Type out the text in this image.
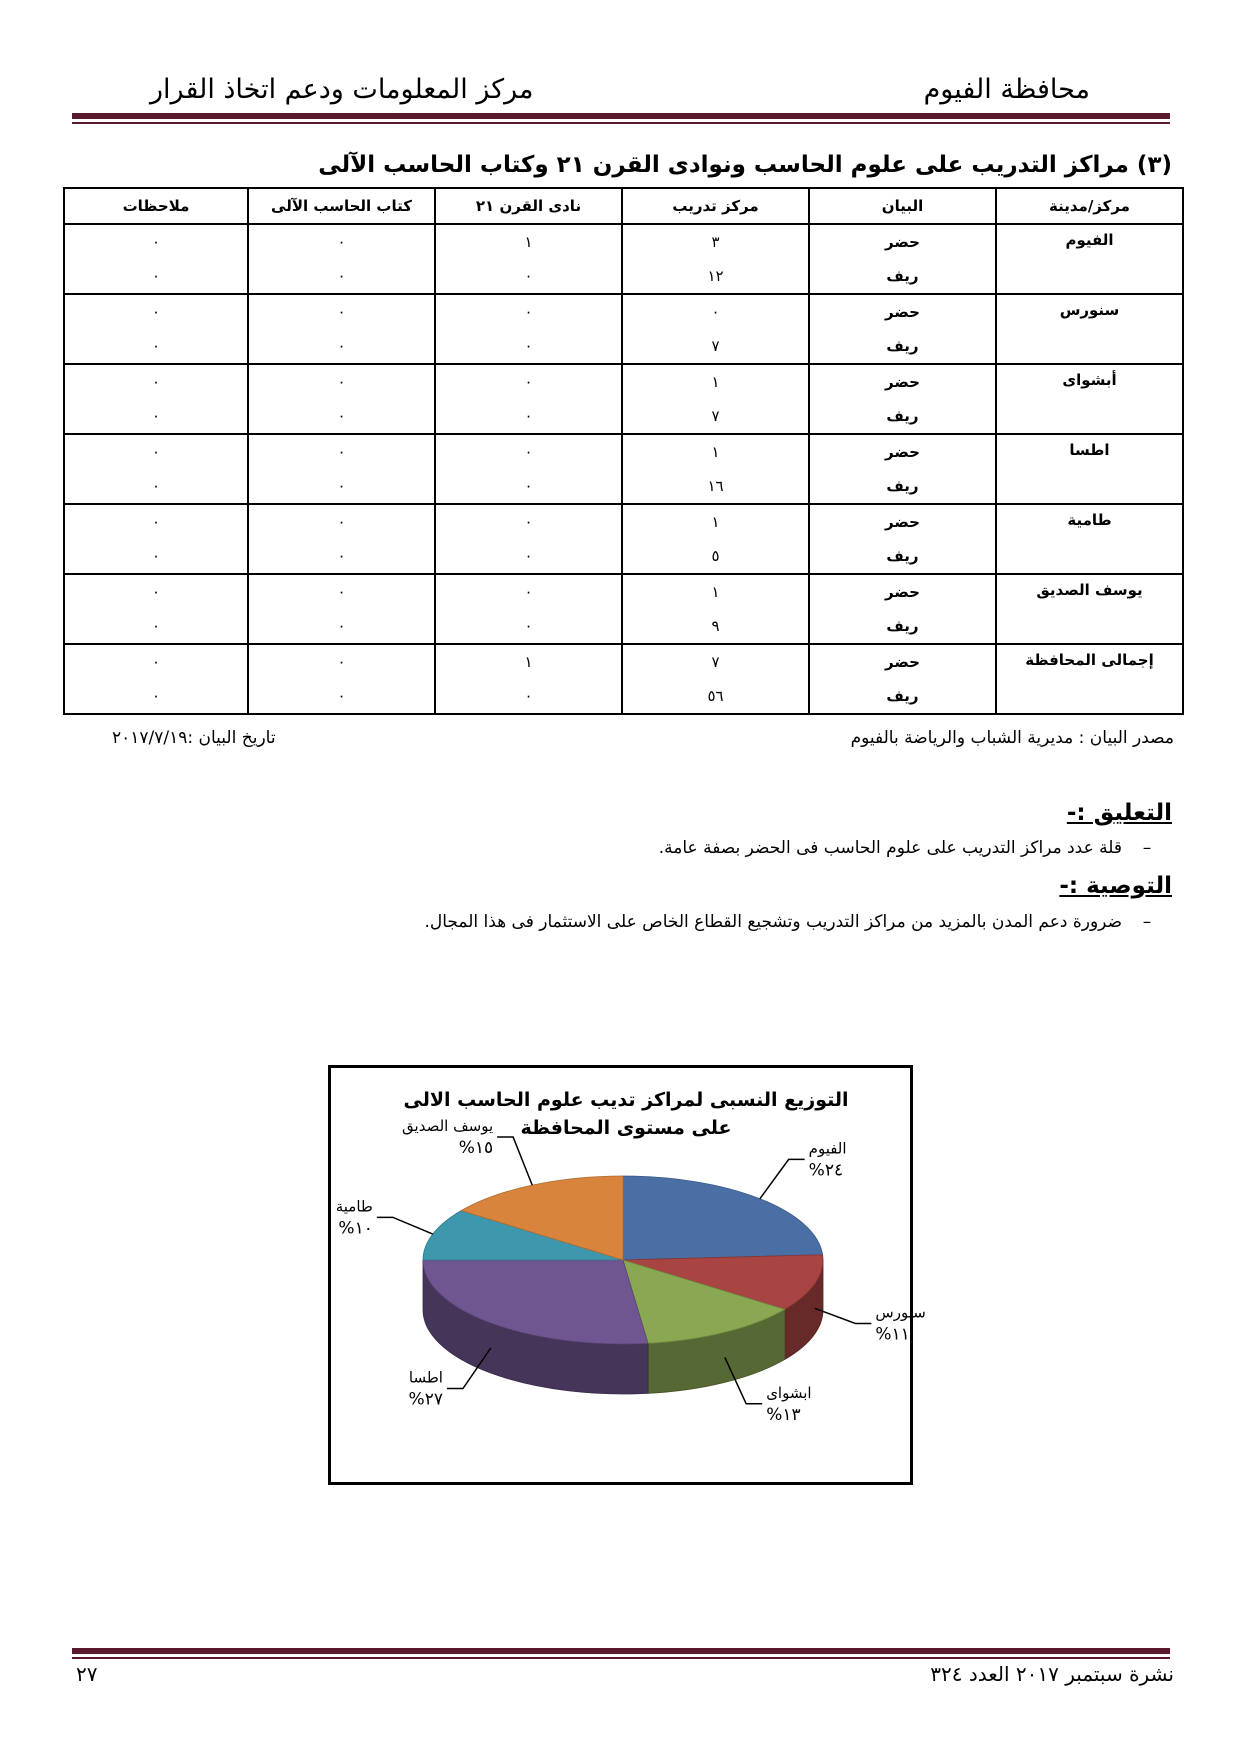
مركز المعلومات ودعم اتخاذ القرار	محافظة الفيوم
(٣) مراكز التدريب على علوم الحاسب ونوادى القرن ٢١ وكتاب الحاسب الآلى
مركز/مدينة	البيان	مركز تدريب	نادى القرن ٢١	كتاب الحاسب الآلى	ملاحظات
الفيوم	حضر	٣	١	٠	٠
	ريف	١٢	٠	٠	٠
سنورس	حضر	٠	٠	٠	٠
	ريف	٧	٠	٠	٠
أبشواى	حضر	١	٠	٠	٠
	ريف	٧	٠	٠	٠
اطسا	حضر	١	٠	٠	٠
	ريف	١٦	٠	٠	٠
طامية	حضر	١	٠	٠	٠
	ريف	٥	٠	٠	٠
يوسف الصديق	حضر	١	٠	٠	٠
	ريف	٩	٠	٠	٠
إجمالى المحافظة	حضر	٧	١	٠	٠
	ريف	٥٦	٠	٠	٠
مصدر البيان : مديرية الشباب والرياضة بالفيوم
تاريخ البيان :٢٠١٧/٧/١٩
التعليق :-
–قلة عدد مراكز التدريب على علوم الحاسب فى الحضر بصفة عامة.
التوصية :-
–ضرورة دعم المدن بالمزيد من مراكز التدريب وتشجيع القطاع الخاص على الاستثمار فى هذا المجال.
التوزيع النسبى لمراكز تديب علوم الحاسب الالى على مستوى المحافظة
الفيوم
%٢٤
سنورس
%١١
ابشواى
%١٣
اطسا
%٢٧
طامية
%١٠
يوسف الصديق
%١٥
٢٧	نشرة سبتمبر ٢٠١٧ العدد ٣٢٤
